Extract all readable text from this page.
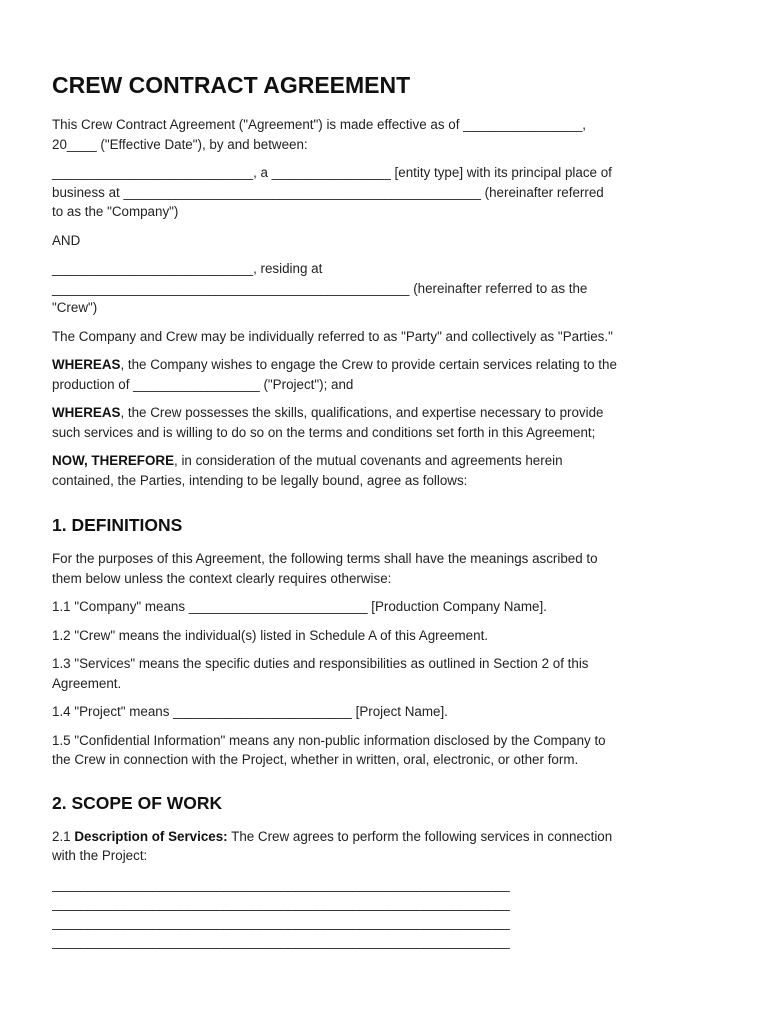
CREW CONTRACT AGREEMENT

This Crew Contract Agreement ("Agreement") is made effective as of ________________,
20____ ("Effective Date"), by and between:

___________________________, a ________________ [entity type] with its principal place of
business at ________________________________________________ (hereinafter referred
to as the "Company")

AND

___________________________, residing at
________________________________________________ (hereinafter referred to as the
"Crew")

The Company and Crew may be individually referred to as "Party" and collectively as "Parties."

WHEREAS, the Company wishes to engage the Crew to provide certain services relating to the
production of _________________ ("Project"); and

WHEREAS, the Crew possesses the skills, qualifications, and expertise necessary to provide
such services and is willing to do so on the terms and conditions set forth in this Agreement;

NOW, THEREFORE, in consideration of the mutual covenants and agreements herein
contained, the Parties, intending to be legally bound, agree as follows:

1. DEFINITIONS

For the purposes of this Agreement, the following terms shall have the meanings ascribed to
them below unless the context clearly requires otherwise:

1.1 "Company" means ________________________ [Production Company Name].

1.2 "Crew" means the individual(s) listed in Schedule A of this Agreement.

1.3 "Services" means the specific duties and responsibilities as outlined in Section 2 of this
Agreement.

1.4 "Project" means ________________________ [Project Name].

1.5 "Confidential Information" means any non-public information disclosed by the Company to
the Crew in connection with the Project, whether in written, oral, electronic, or other form.

2. SCOPE OF WORK

2.1 Description of Services: The Crew agrees to perform the following services in connection
with the Project:

________________________________________________________________
________________________________________________________________
________________________________________________________________
________________________________________________________________
